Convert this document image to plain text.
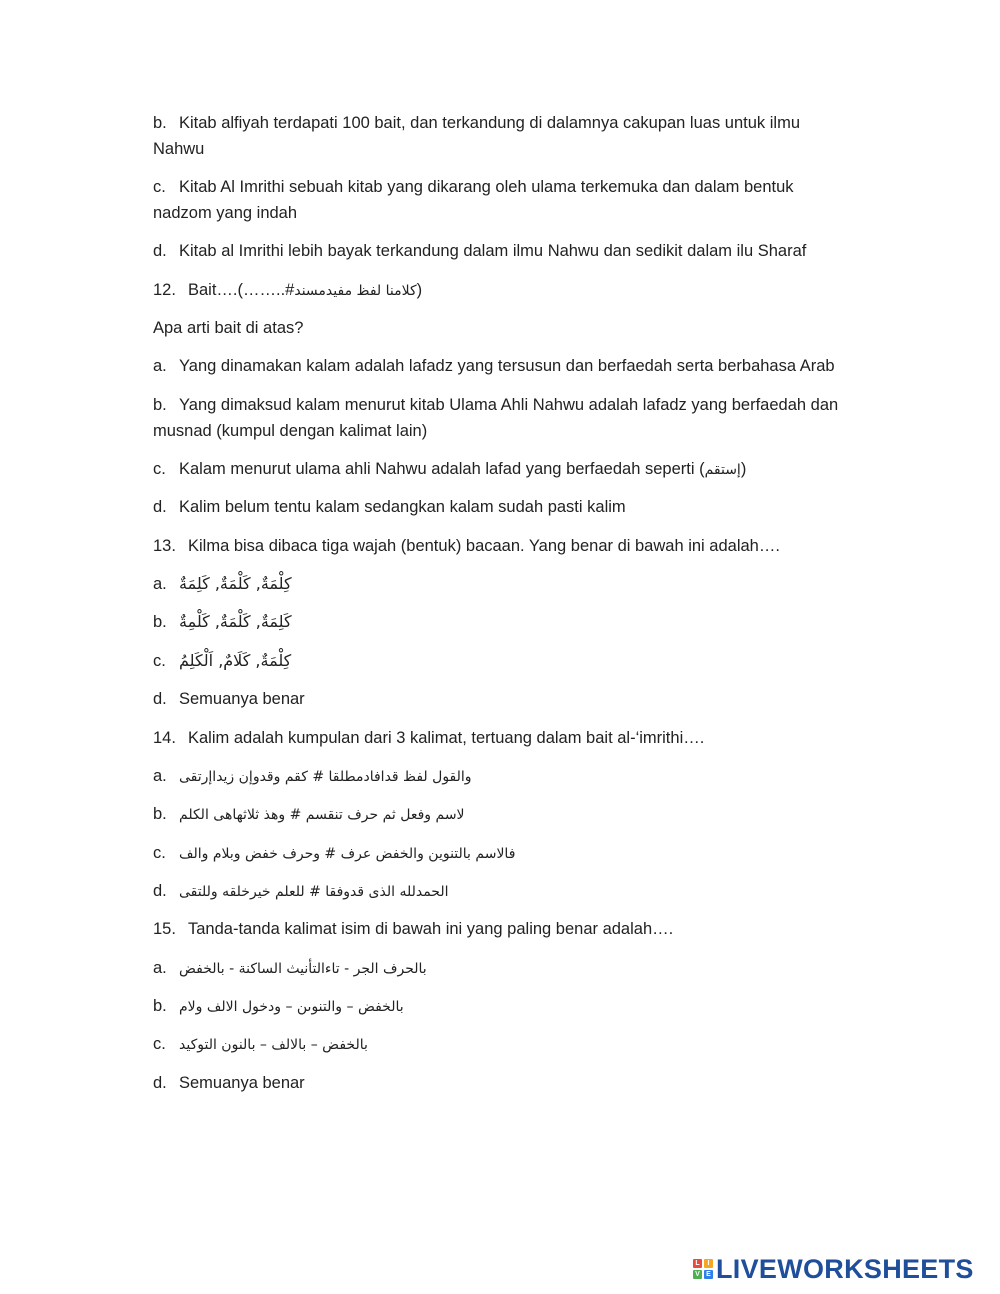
b. Kitab alfiyah terdapati 100 bait, dan terkandung di dalamnya cakupan luas untuk ilmu Nahwu
c. Kitab Al Imrithi sebuah kitab yang dikarang oleh ulama terkemuka dan dalam bentuk nadzom yang indah
d. Kitab al Imrithi lebih bayak terkandung dalam ilmu Nahwu dan sedikit dalam ilu Sharaf
12. Bait….(……..#كلامنا لفظ مفيدمسند)
Apa arti bait di atas?
a. Yang dinamakan kalam adalah lafadz yang tersusun dan berfaedah serta berbahasa Arab
b. Yang dimaksud kalam menurut kitab Ulama Ahli Nahwu adalah lafadz yang berfaedah dan musnad (kumpul dengan kalimat lain)
c. Kalam menurut ulama ahli Nahwu adalah lafad yang berfaedah seperti (إستقم)
d. Kalim belum tentu kalam sedangkan kalam sudah pasti kalim
13. Kilma bisa dibaca tiga wajah (bentuk) bacaan. Yang benar di bawah ini adalah….
a. كِلْمَةٌ, كَلْمَةٌ, كَلِمَةٌ
b. كَلِمَةٌ, كَلْمَةٌ, كَلْمِةٌ
c. كِلْمَةٌ, كَلَامٌ, اَلْكَلِمُ
d. Semuanya benar
14. Kalim adalah kumpulan dari 3 kalimat, tertuang dalam bait al-‘imrithi….
a. والقول لفظ قدافادمطلقا # كقم وقدوإن زيداإرتقى
b. لاسم وفعل ثم حرف تنقسم # وهذ ثلاثهاهى الكلم
c. فالاسم بالتنوين والخفض عرف # وحرف خفض وبلام والف
d. الحمدلله الذى قدوفقا # للعلم خيرخلقه وللتقى
15. Tanda-tanda kalimat isim di bawah ini yang paling benar adalah….
a. بالحرف الجر - تاءالتأنيث الساكنة - بالخفض
b. بالخفض – والتنوىن – ودخول الالف ولام
c. بالخفض – بالالف – بالنون التوكيد
d. Semuanya benar
L	I
V E LIVEWORKSHEETS
